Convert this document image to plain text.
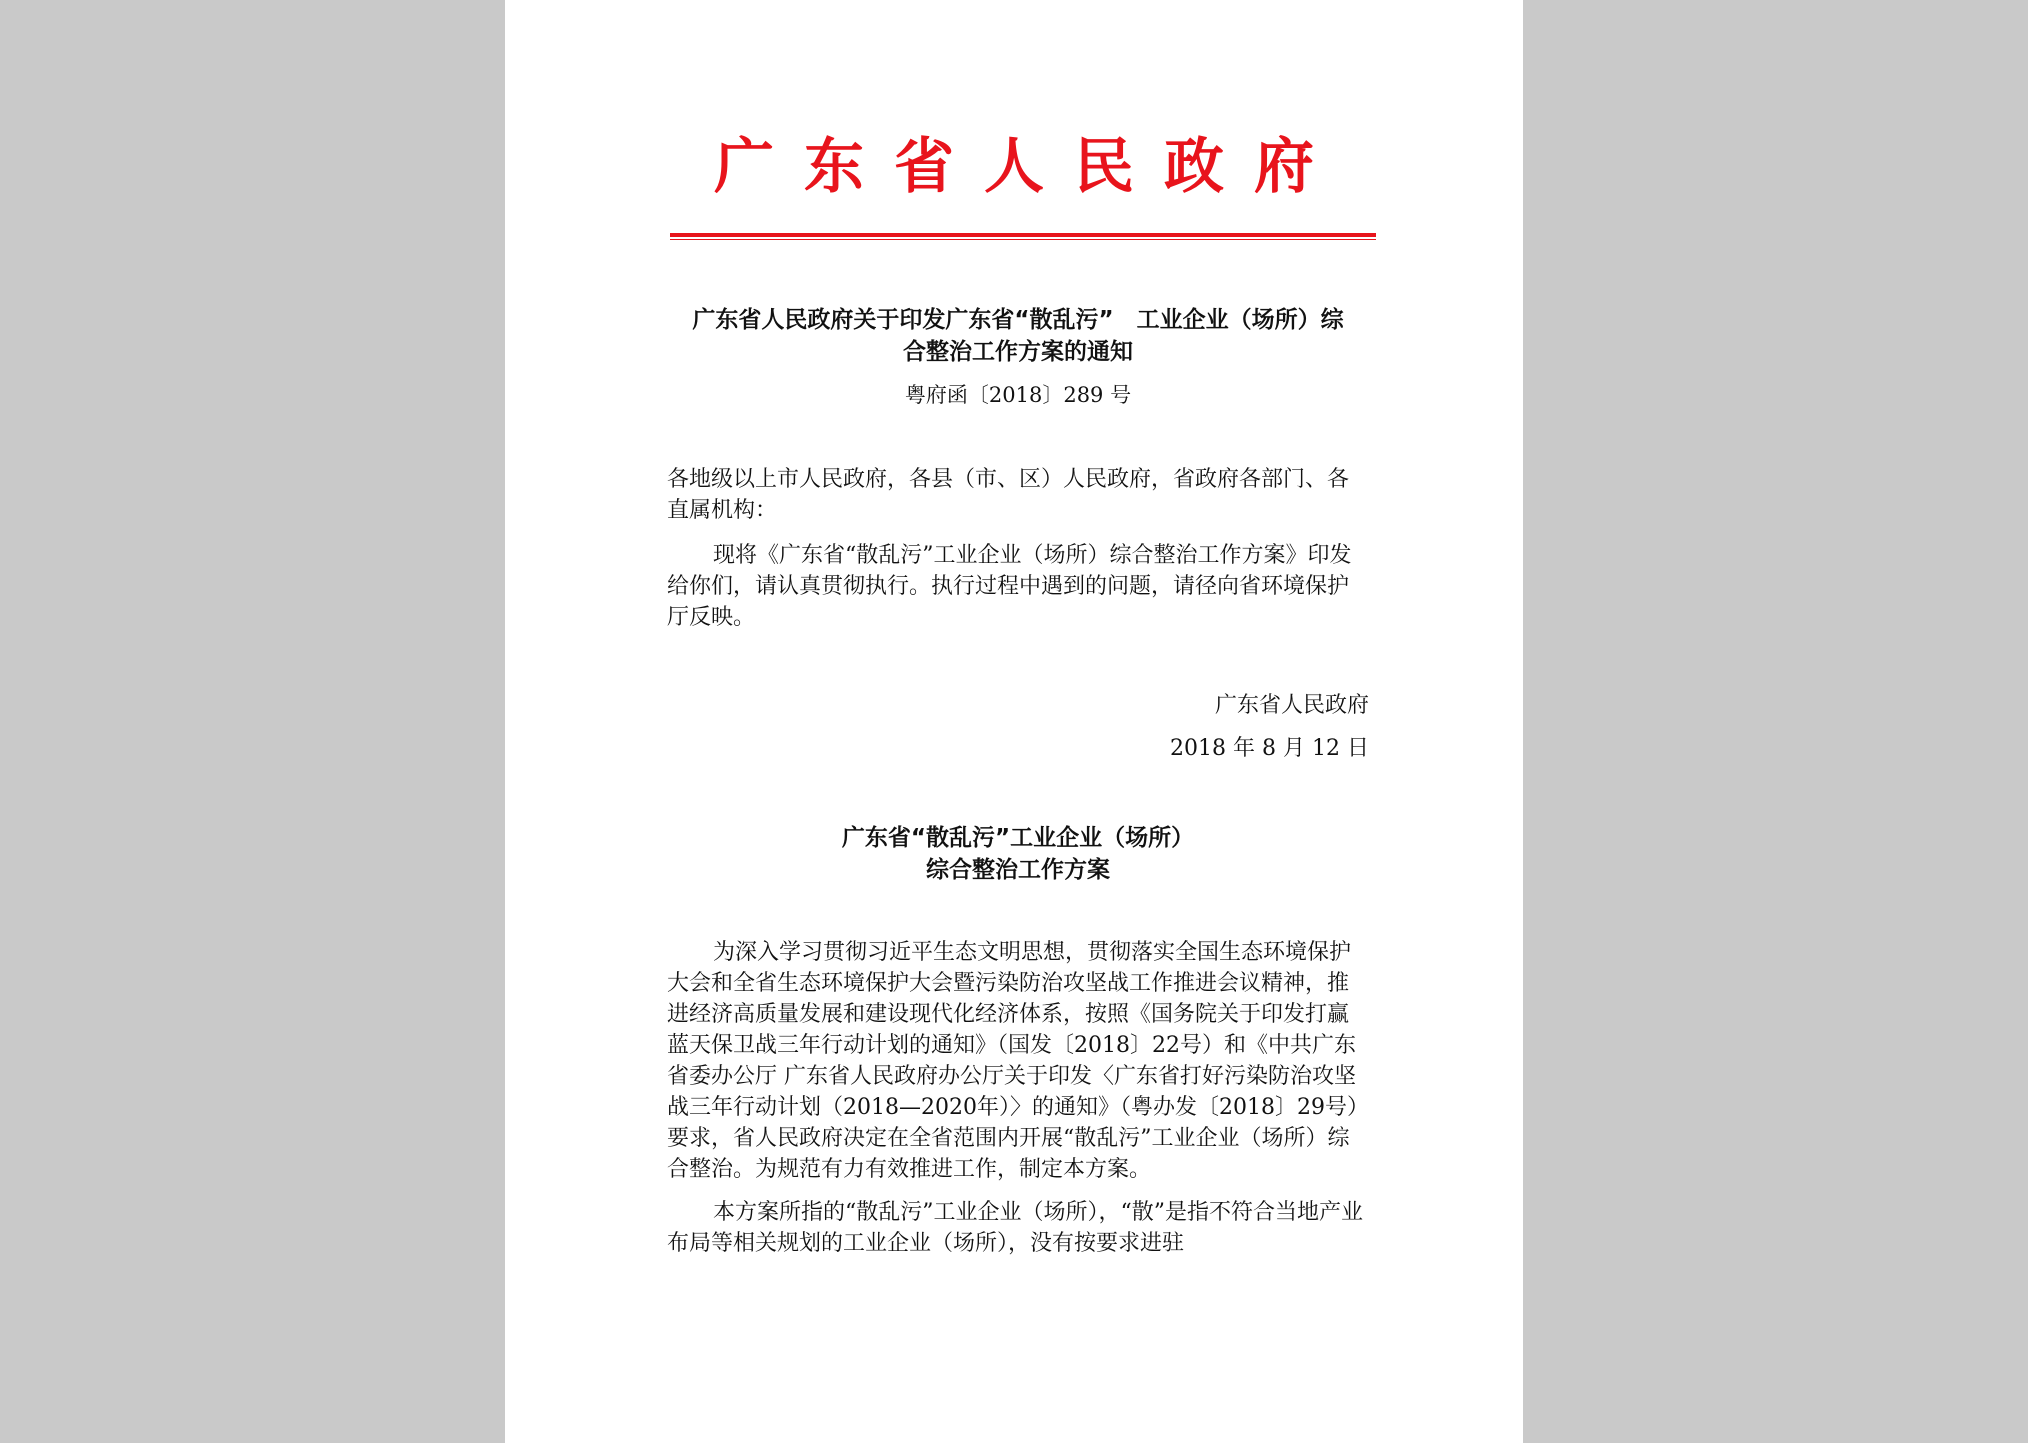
广东省人民政府
广东省人民政府关于印发广东省“散乱污”　工业企业（场所）综
合整治工作方案的通知
粤府函〔2018〕289 号
各地级以上市人民政府，各县（市、区）人民政府，省政府各部门、各直属机构：

现将《广东省“散乱污”工业企业（场所）综合整治工作方案》印发给你们，请认真贯彻执行。执行过程中遇到的问题，请径向省环境保护厅反映。

广东省人民政府
2018 年 8 月 12 日
广东省“散乱污”工业企业（场所）
综合整治工作方案

为深入学习贯彻习近平生态文明思想，贯彻落实全国生态环境保护大会和全省生态环境保护大会暨污染防治攻坚战工作推进会议精神，推进经济高质量发展和建设现代化经济体系，按照《国务院关于印发打赢蓝天保卫战三年行动计划的通知》（国发〔2018〕22号）和《中共广东省委办公厅 广东省人民政府办公厅关于印发〈广东省打好污染防治攻坚战三年行动计划（2018—2020年）〉的通知》（粤办发〔2018〕29号）要求，省人民政府决定在全省范围内开展“散乱污”工业企业（场所）综合整治。为规范有力有效推进工作，制定本方案。

本方案所指的“散乱污”工业企业（场所），“散”是指不符合当地产业布局等相关规划的工业企业（场所），没有按要求进驻
